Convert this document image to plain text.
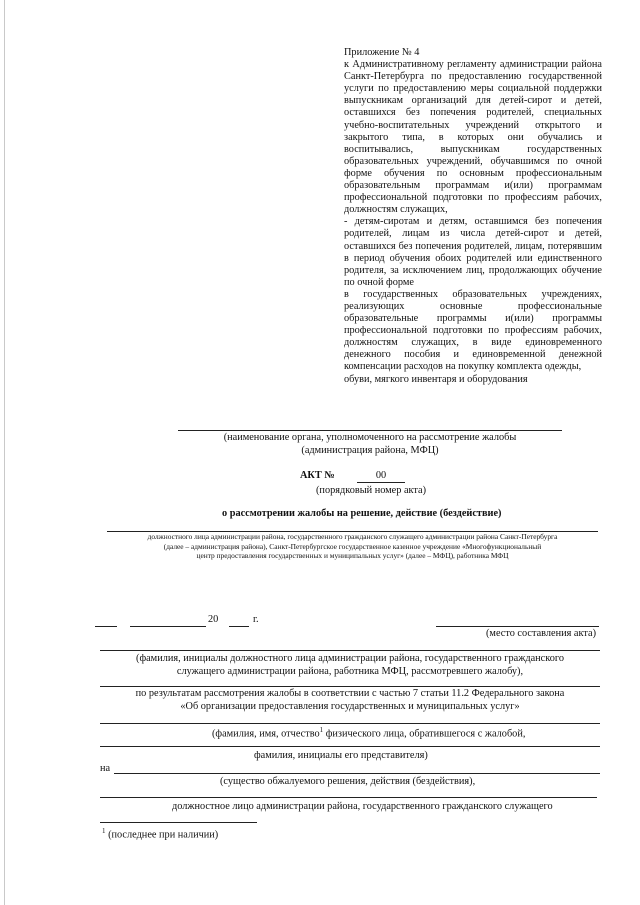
Приложение № 4

к Административному регламенту администрации района Санкт-Петербурга по предоставлению государственной услуги по предоставлению меры социальной поддержки выпускникам организаций для детей-сирот и детей, оставшихся без попечения родителей, специальных учебно-воспитательных учреждений открытого и закрытого типа, в которых они обучались и воспитывались, выпускникам государственных образовательных учреждений, обучавшимся по очной форме обучения по основным профессиональным образовательным программам и(или) программам профессиональной подготовки по профессиям рабочих, должностям служащих,

- детям-сиротам и детям, оставшимся без попечения родителей, лицам из числа детей-сирот и детей, оставшихся без попечения родителей, лицам, потерявшим в период обучения обоих родителей или единственного родителя, за исключением лиц, продолжающих обучение по очной форме

в государственных образовательных учреждениях, реализующих основные профессиональные образовательные программы и(или) программы профессиональной подготовки по профессиям рабочих, должностям служащих, в виде единовременного денежного пособия и единовременной денежной компенсации расходов на покупку комплекта одежды,

обуви, мягкого инвентаря и оборудования

(наименование органа, уполномоченного на рассмотрение жалобы
(администрация района, МФЦ)
АКТ №	00
(порядковый номер акта)
о рассмотрении жалобы на решение, действие (бездействие)
должностного лица администрации района, государственного гражданского служащего администрации района Санкт-Петербурга
(далее – администрация района), Санкт-Петербургское государственное казенное учреждение «Многофункциональный
центр предоставления государственных и муниципальных услуг» (далее – МФЦ), работника МФЦ
20	г.
(место составления акта)
(фамилия, инициалы должностного лица администрации района, государственного гражданского
служащего администрации района, работника МФЦ, рассмотревшего жалобу),
по результатам рассмотрения жалобы в соответствии с частью 7 статьи 11.2 Федерального закона
«Об организации предоставления государственных и муниципальных услуг»
(фамилия, имя, отчество$^1$ физического лица, обратившегося с жалобой,
фамилия, инициалы его представителя)
на
(существо обжалуемого решения, действия (бездействия),
должностное лицо администрации района, государственного гражданского служащего
$^1$ (последнее при наличии)
